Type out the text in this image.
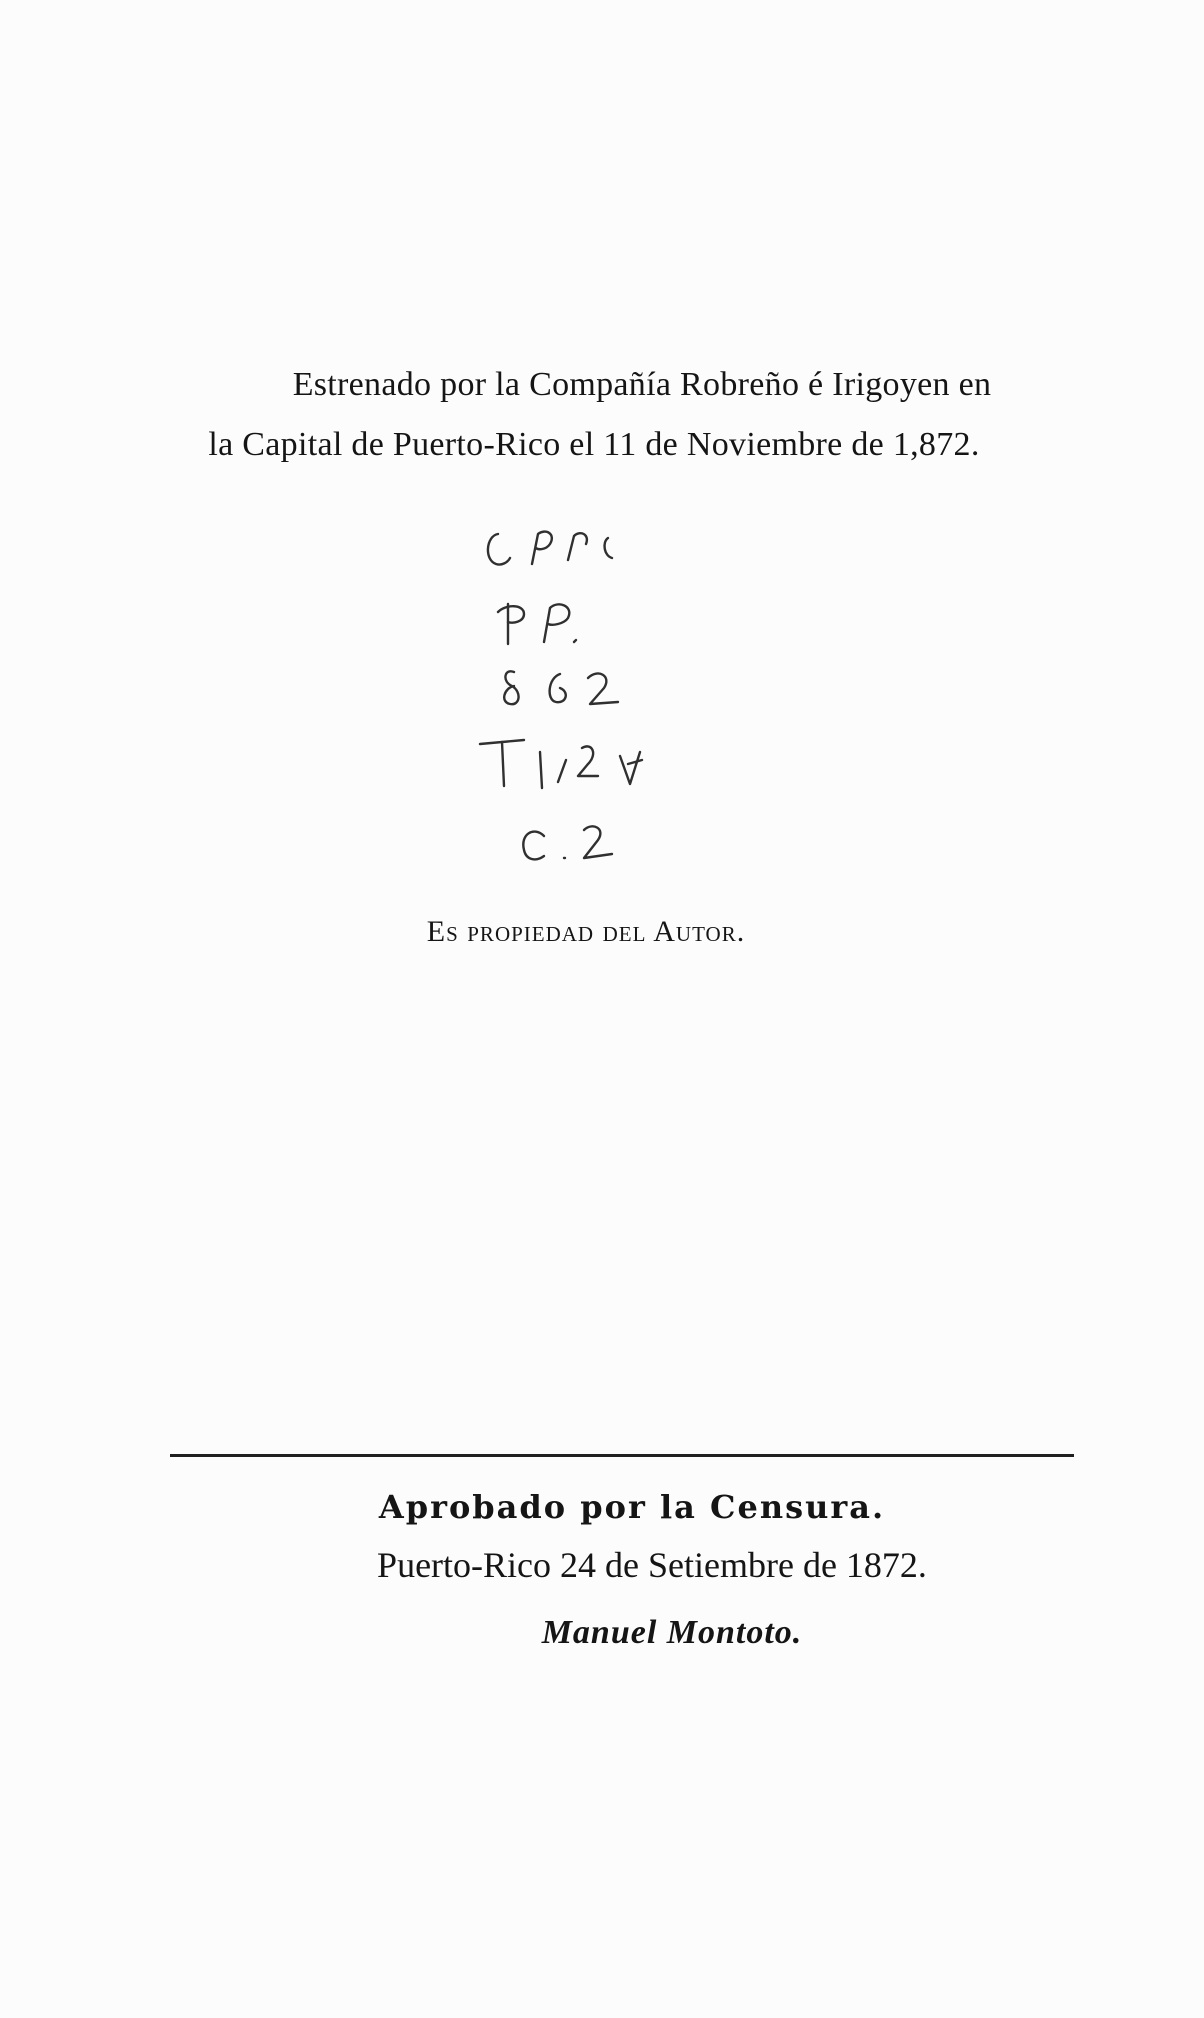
Estrenado por la Compañía Robreño é Irigoyen en
la Capital de Puerto-Rico el 11 de Noviembre de 1,872.
Es propiedad del Autor.
Aprobado por la Censura.
Puerto-Rico 24 de Setiembre de 1872.
Manuel Montoto.
